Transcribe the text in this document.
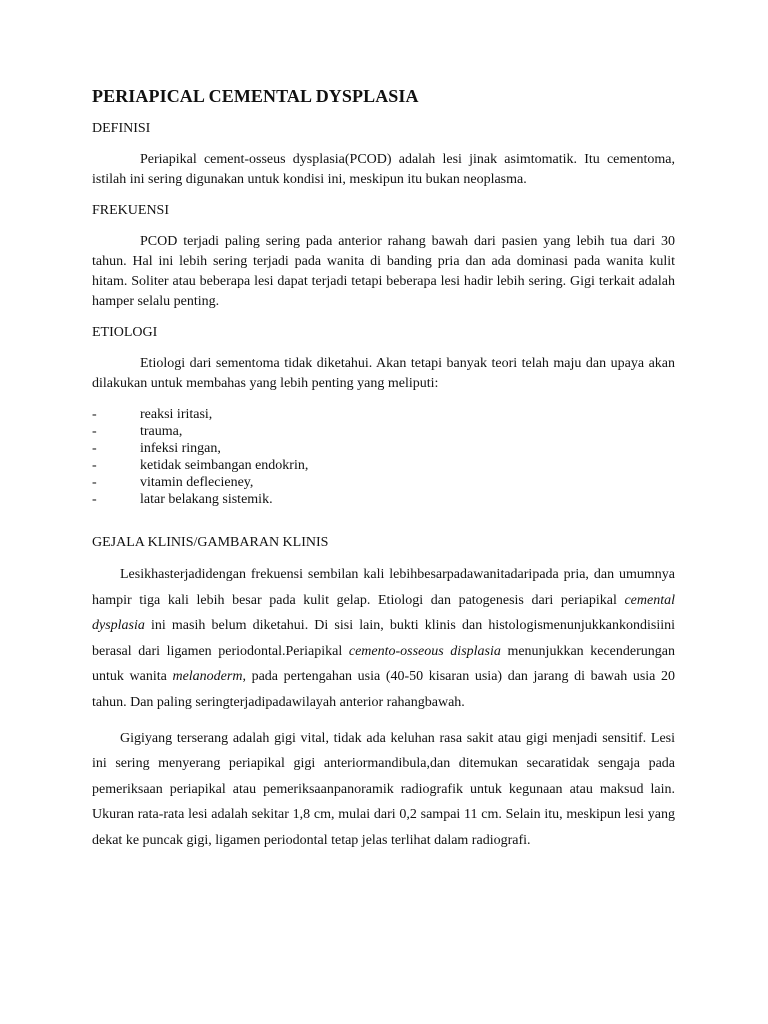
PERIAPICAL CEMENTAL DYSPLASIA
DEFINISI

Periapikal cement-osseus dysplasia(PCOD) adalah lesi jinak asimtomatik. Itu cementoma, istilah ini sering digunakan untuk kondisi ini, meskipun itu bukan neoplasma.

FREKUENSI

PCOD terjadi paling sering pada anterior rahang bawah dari pasien yang lebih tua dari 30 tahun. Hal ini lebih sering terjadi pada wanita di banding pria dan ada dominasi pada wanita kulit hitam. Soliter atau beberapa lesi dapat terjadi tetapi beberapa lesi hadir lebih sering. Gigi terkait adalah hamper selalu penting.

ETIOLOGI

Etiologi dari sementoma tidak diketahui. Akan tetapi banyak teori telah maju dan upaya akan dilakukan untuk membahas yang lebih penting yang meliputi:

-	reaksi iritasi,
-	trauma,
-	infeksi ringan,
-	ketidak seimbangan endokrin,
-	vitamin deflecieney,
-	latar belakang sistemik.
GEJALA KLINIS/GAMBARAN KLINIS

Lesikhasterjadidengan frekuensi sembilan kali lebihbesarpadawanitadaripada pria, dan umumnya hampir tiga kali lebih besar pada kulit gelap. Etiologi dan patogenesis dari periapikal cemental dysplasia ini masih belum diketahui. Di sisi lain, bukti klinis dan histologismenunjukkankondisiini berasal dari ligamen periodontal.Periapikal cemento-osseous displasia menunjukkan kecenderungan untuk wanita melanoderm, pada pertengahan usia (40-50 kisaran usia) dan jarang di bawah usia 20 tahun. Dan paling seringterjadipadawilayah anterior rahangbawah.

Gigiyang terserang adalah gigi vital, tidak ada keluhan rasa sakit atau gigi menjadi sensitif. Lesi ini sering menyerang periapikal gigi anteriormandibula,dan ditemukan secaratidak sengaja pada pemeriksaan periapikal atau pemeriksaanpanoramik radiografik untuk kegunaan atau maksud lain. Ukuran rata-rata lesi adalah sekitar 1,8 cm, mulai dari 0,2 sampai 11 cm. Selain itu, meskipun lesi yang dekat ke puncak gigi, ligamen periodontal tetap jelas terlihat dalam radiografi.
